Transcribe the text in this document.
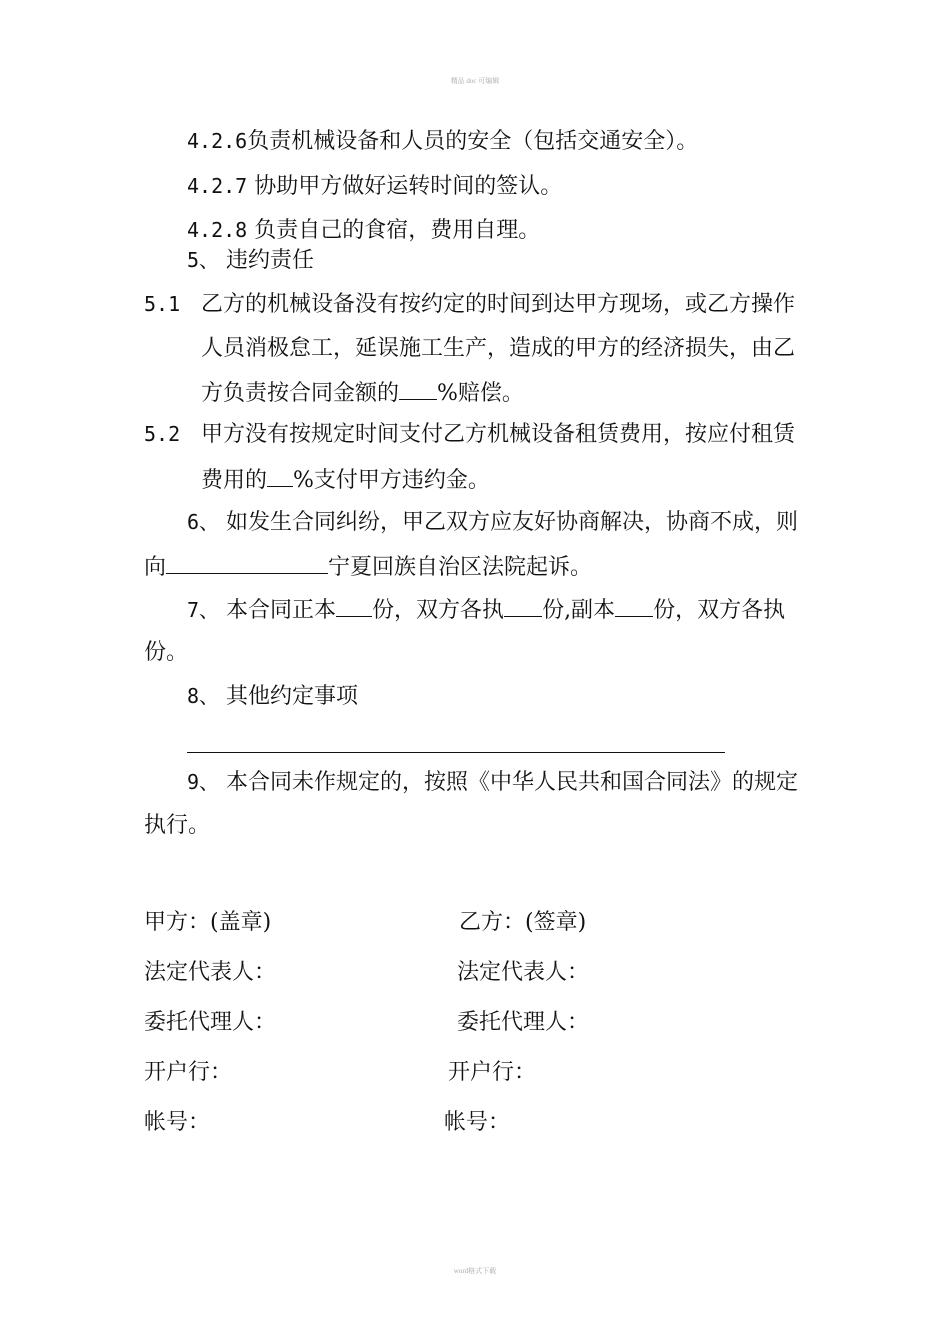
精品 doc 可编辑
4.2.6负责机械设备和人员的安全（包括交通安全）。
4.2.7 协助甲方做好运转时间的签认。
4.2.8 负责自己的食宿，费用自理。
5、 违约责任
5.1 乙方的机械设备没有按约定的时间到达甲方现场，或乙方操作
人员消极怠工，延误施工生产，造成的甲方的经济损失，由乙
方负责按合同金额的 %赔偿。
5.2 甲方没有按规定时间支付乙方机械设备租赁费用，按应付租赁
费用的 %支付甲方违约金。
6、 如发生合同纠纷，甲乙双方应友好协商解决，协商不成，则
向	宁夏回族自治区法院起诉。
7、 本合同正本 份，双方各执 份,副本 份，双方各执
份。
8、 其他约定事项
9、 本合同未作规定的，按照《中华人民共和国合同法》的规定
执行。
甲方：(盖章)
法定代表人：
委托代理人：
开户行：
帐号：
乙方：(签章)
法定代表人：
委托代理人：
开户行：
帐号：
word格式下载
